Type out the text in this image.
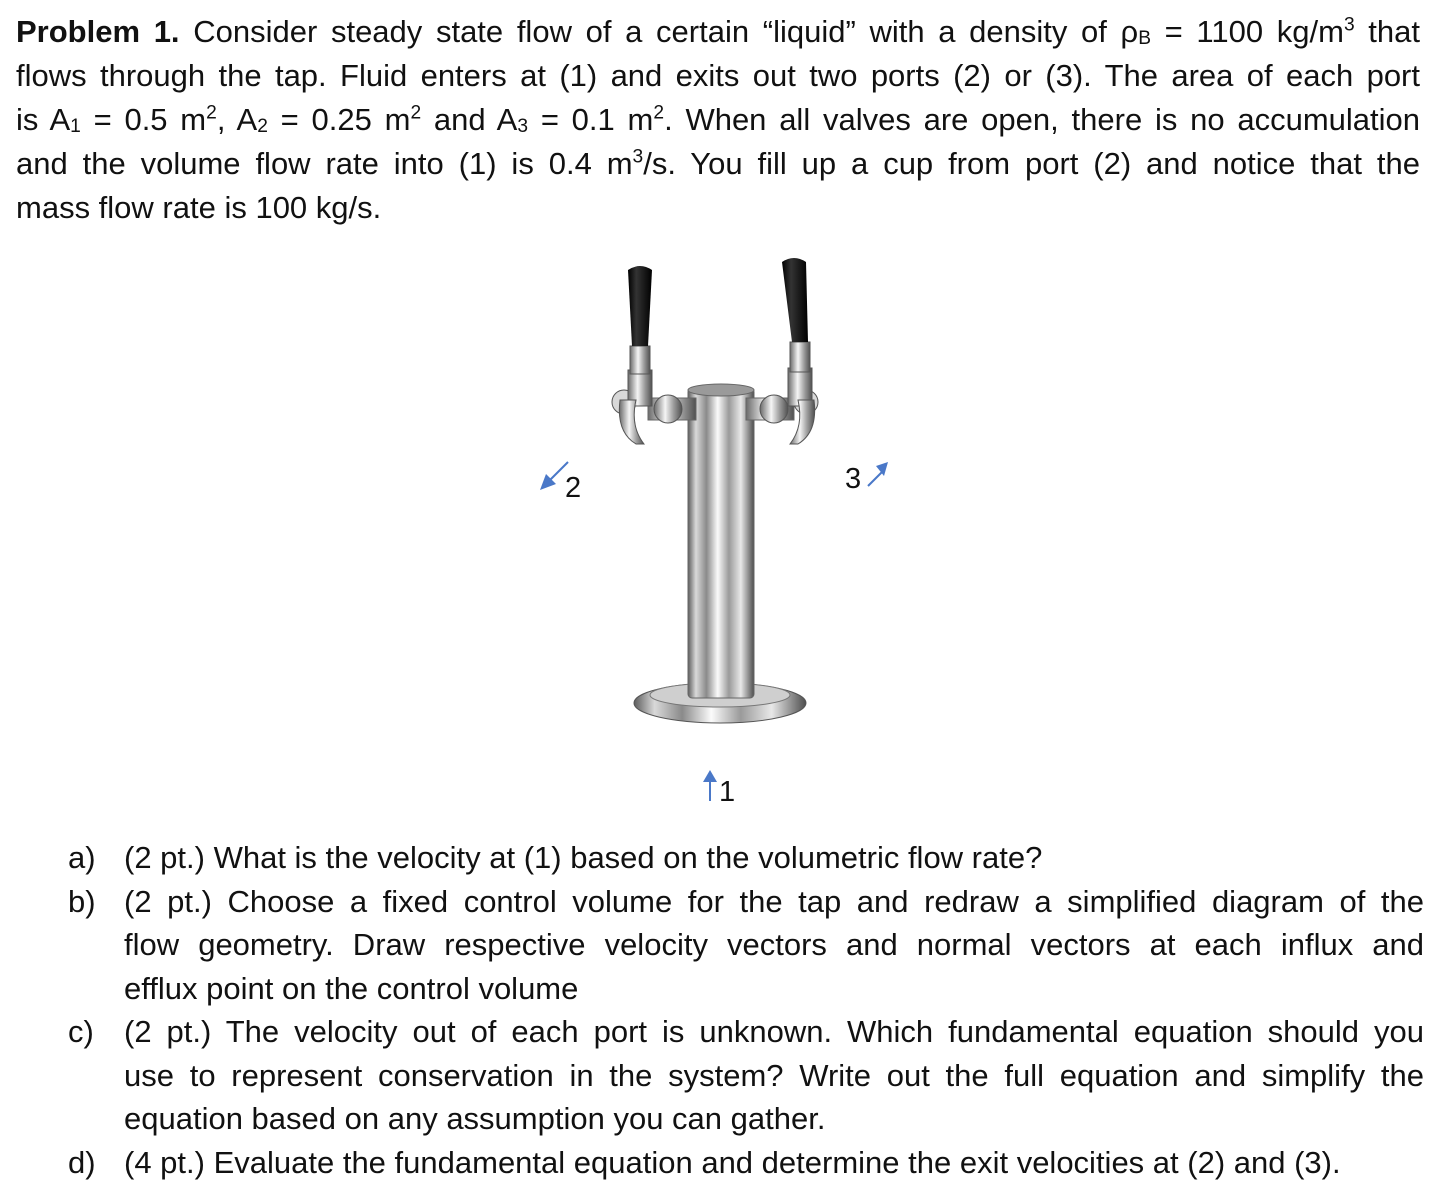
Problem 1. Consider steady state flow of a certain “liquid” with a density of $\rho_B = 1100$ $kg/m^3$ that
flows through the tap. Fluid enters at (1) and exits out two ports (2) or (3). The area of each port
is $A_1 = 0.5$ $m^2$, $A_2 = 0.25$ $m^2$ and $A_3 = 0.1$ $m^2$. When all valves are open, there is no accumulation
and the volume flow rate into (1) is 0.4 $m^3/s$. You fill up a cup from port (2) and notice that the
mass flow rate is 100 kg/s.
2	3
1
a) (2 pt.) What is the velocity at (1) based on the volumetric flow rate?
b) (2 pt.) Choose a fixed control volume for the tap and redraw a simplified diagram of the
flow geometry. Draw respective velocity vectors and normal vectors at each influx and
efflux point on the control volume
c) (2 pt.) The velocity out of each port is unknown. Which fundamental equation should you
use to represent conservation in the system? Write out the full equation and simplify the
equation based on any assumption you can gather.
d) (4 pt.) Evaluate the fundamental equation and determine the exit velocities at (2) and (3).
